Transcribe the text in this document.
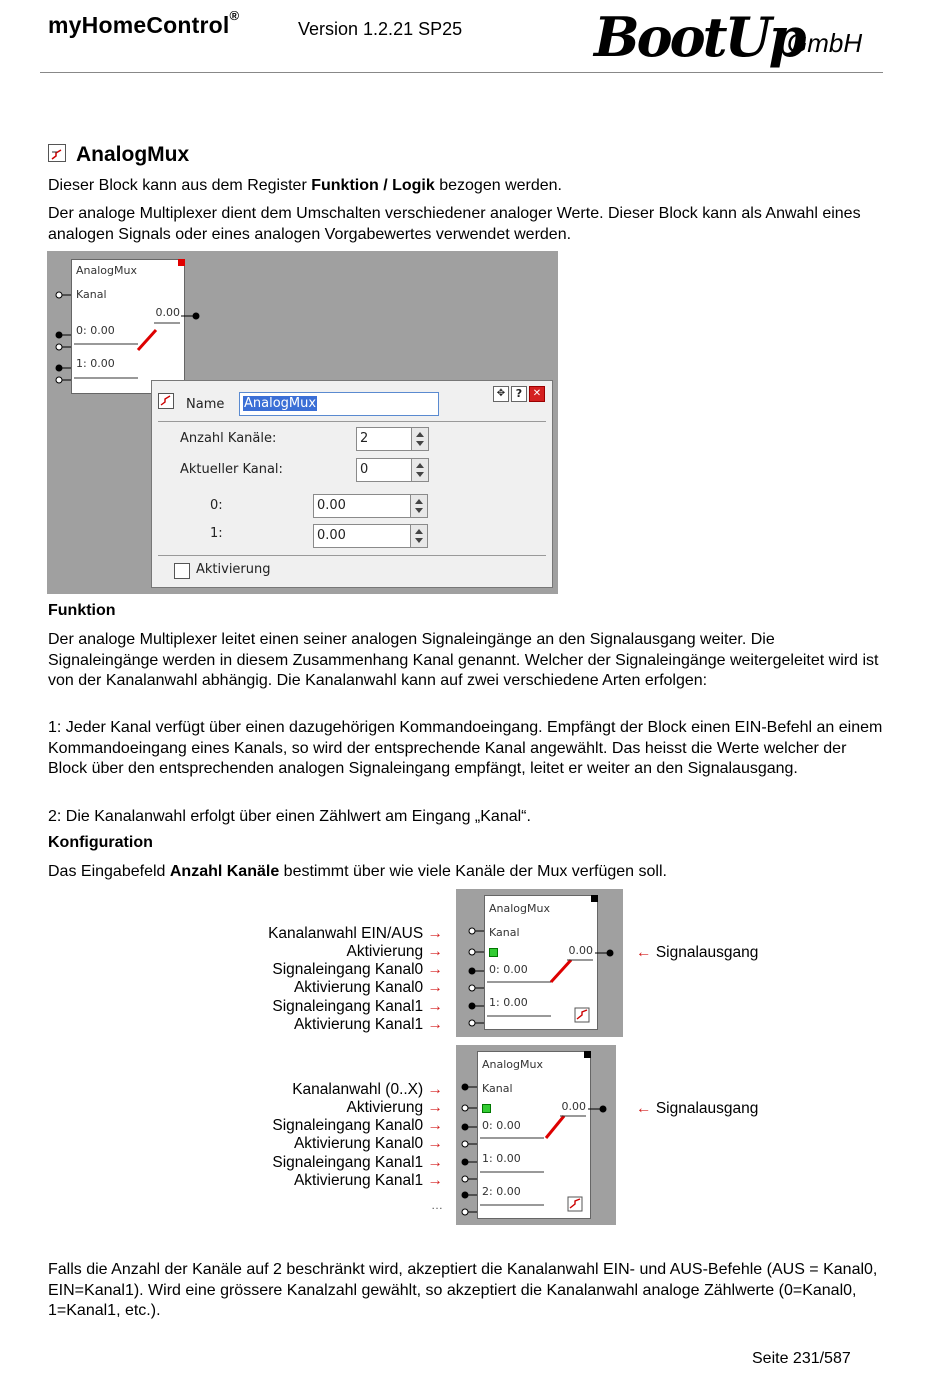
myHomeControl®
Version 1.2.21 SP25 BootUp
GmbH
AnalogMux
Dieser Block kann aus dem Register Funktion / Logik bezogen werden.
Der analoge Multiplexer dient dem Umschalten verschiedener analoger Werte. Dieser Block kann als Anwahl eines analogen Signals oder eines analogen Vorgabewertes verwendet werden.
AnalogMux
Kanal
0.00
0: 0.00
1: 0.00
Name	AnalogMux
✥ ?	✕
Anzahl Kanäle:	2
Aktueller Kanal:	0
0:	0.00
1:	0.00
Aktivierung
Funktion
Der analoge Multiplexer leitet einen seiner analogen Signaleingänge an den Signalausgang weiter. Die Signaleingänge werden in diesem Zusammenhang Kanal genannt. Welcher der Signaleingänge weitergeleitet wird ist von der Kanalanwahl abhängig. Die Kanalanwahl kann auf zwei verschiedene Arten erfolgen:
1: Jeder Kanal verfügt über einen dazugehörigen Kommandoeingang. Empfängt der Block einen EIN-Befehl an einem Kommandoeingang eines Kanals, so wird der entsprechende Kanal angewählt. Das heisst die Werte welcher der Block über den entsprechenden analogen Signaleingang empfängt, leitet er weiter an den Signalausgang.
2: Die Kanalanwahl erfolgt über einen Zählwert am Eingang „Kanal“.
Konfiguration
Das Eingabefeld Anzahl Kanäle bestimmt über wie viele Kanäle der Mux verfügen soll.
Kanalanwahl EIN/AUS →
Aktivierung →
Signaleingang Kanal0 →
Aktivierung Kanal0 →
Signaleingang Kanal1 →
Aktivierung Kanal1 →
← Signalausgang
AnalogMux
Kanal
0.00
0: 0.00
1: 0.00
Kanalanwahl (0..X) →
Aktivierung →
Signaleingang Kanal0 →
Aktivierung Kanal0 →
Signaleingang Kanal1 →
Aktivierung Kanal1 →
…
← Signalausgang
AnalogMux
Kanal
0.00
0: 0.00
1: 0.00
2: 0.00
Falls die Anzahl der Kanäle auf 2 beschränkt wird, akzeptiert die Kanalanwahl EIN- und AUS-Befehle (AUS = Kanal0, EIN=Kanal1). Wird eine grössere Kanalzahl gewählt, so akzeptiert die Kanalanwahl analoge Zählwerte (0=Kanal0, 1=Kanal1, etc.).
Seite 231/587
